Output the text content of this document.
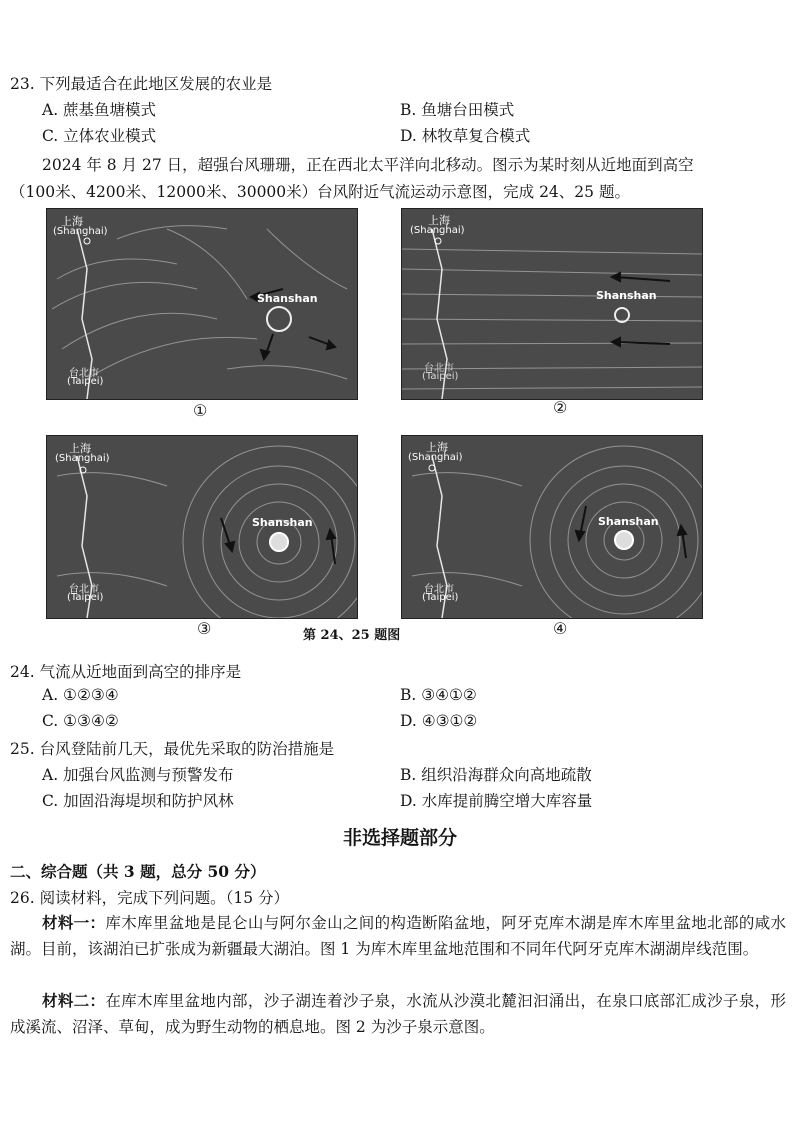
23. 下列最适合在此地区发展的农业是
A. 蔗基鱼塘模式	B. 鱼塘台田模式
C. 立体农业模式	D. 林牧草复合模式
2024 年 8 月 27 日，超强台风珊珊，正在西北太平洋向北移动。图示为某时刻从近地面到高空
（100米、4200米、12000米、30000米）台风附近气流运动示意图，完成 24、25 题。
上海
(Shanghai)
Shanshan
台北市
(Taipei)
①
上海
(Shanghai)
Shanshan
台北市
(Taipei)
②
上海
(Shanghai)
Shanshan
台北市
(Taipei)
③	第 24、25 题图
上海
(Shanghai)
Shanshan
台北市
(Taipei)
④
24. 气流从近地面到高空的排序是
A. ①②③④	B. ③④①②
C. ①③④②	D. ④③①②
25. 台风登陆前几天，最优先采取的防治措施是
A. 加强台风监测与预警发布	B. 组织沿海群众向高地疏散
C. 加固沿海堤坝和防护风林	D. 水库提前腾空增大库容量
非选择题部分
二、综合题（共 3 题，总分 50 分）
26. 阅读材料，完成下列问题。（15 分）
材料一：库木库里盆地是昆仑山与阿尔金山之间的构造断陷盆地，阿牙克库木湖是库木库里盆地北部的咸水湖。目前，该湖泊已扩张成为新疆最大湖泊。图 1 为库木库里盆地范围和不同年代阿牙克库木湖湖岸线范围。
材料二：在库木库里盆地内部，沙子湖连着沙子泉，水流从沙漠北麓汩汩涌出，在泉口底部汇成沙子泉，形成溪流、沼泽、草甸，成为野生动物的栖息地。图 2 为沙子泉示意图。
